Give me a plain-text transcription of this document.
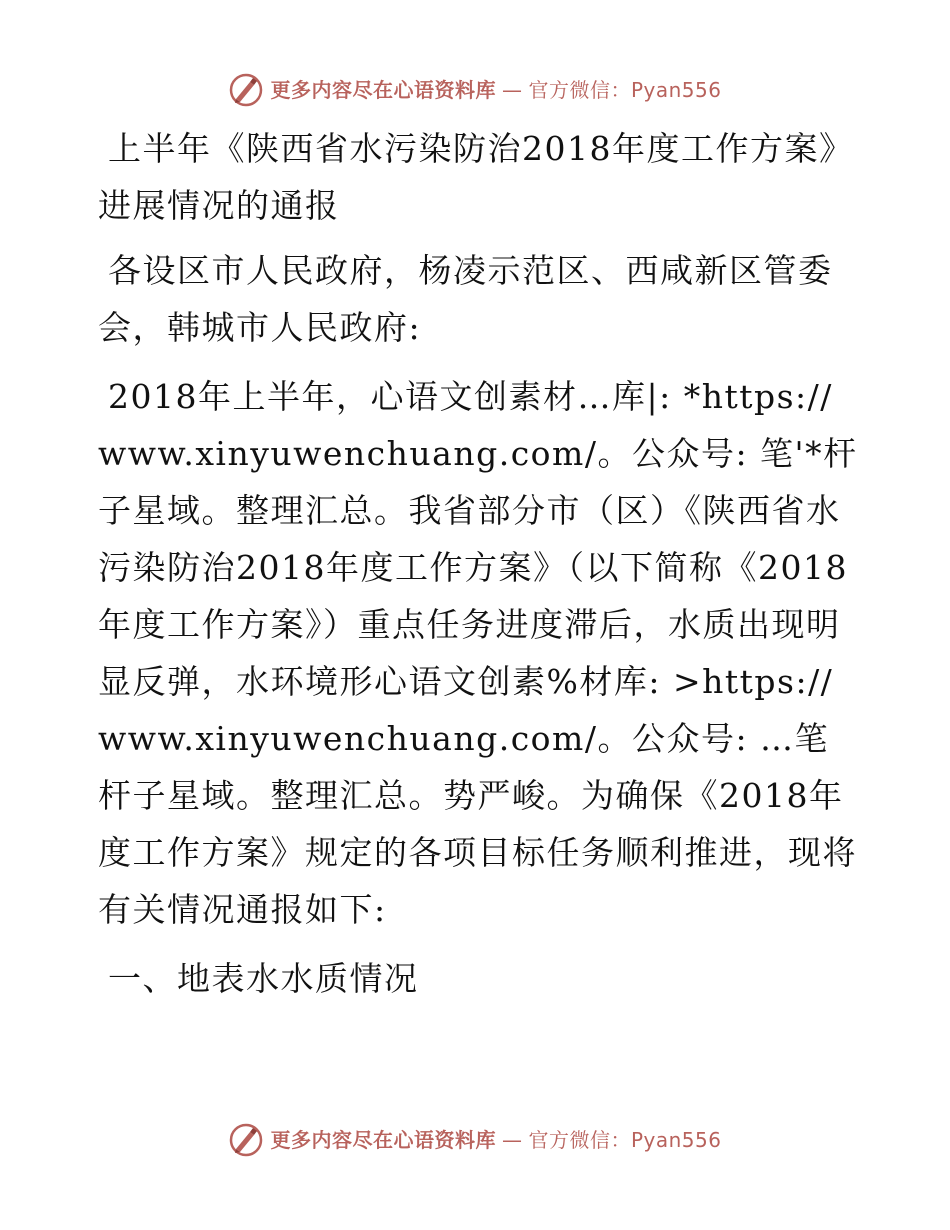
更多内容尽在心语资料库 — 官方微信：Pyan556

上半年《陕西省水污染防治2018年度工作方案》进展情况的通报

各设区市人民政府，杨凌示范区、西咸新区管委会，韩城市人民政府:

2018年上半年，心语文创素材…库|: *https://www.xinyuwenchuang.com/。公众号: 笔'*杆子星域。整理汇总。我省部分市（区）《陕西省水污染防治2018年度工作方案》（以下简称《2018年度工作方案》）重点任务进度滞后，水质出现明显反弹，水环境形心语文创素%材库: >https://www.xinyuwenchuang.com/。公众号: …笔杆子星域。整理汇总。势严峻。为确保《2018年度工作方案》规定的各项目标任务顺利推进，现将有关情况通报如下:

一、地表水水质情况

更多内容尽在心语资料库 — 官方微信：Pyan556
